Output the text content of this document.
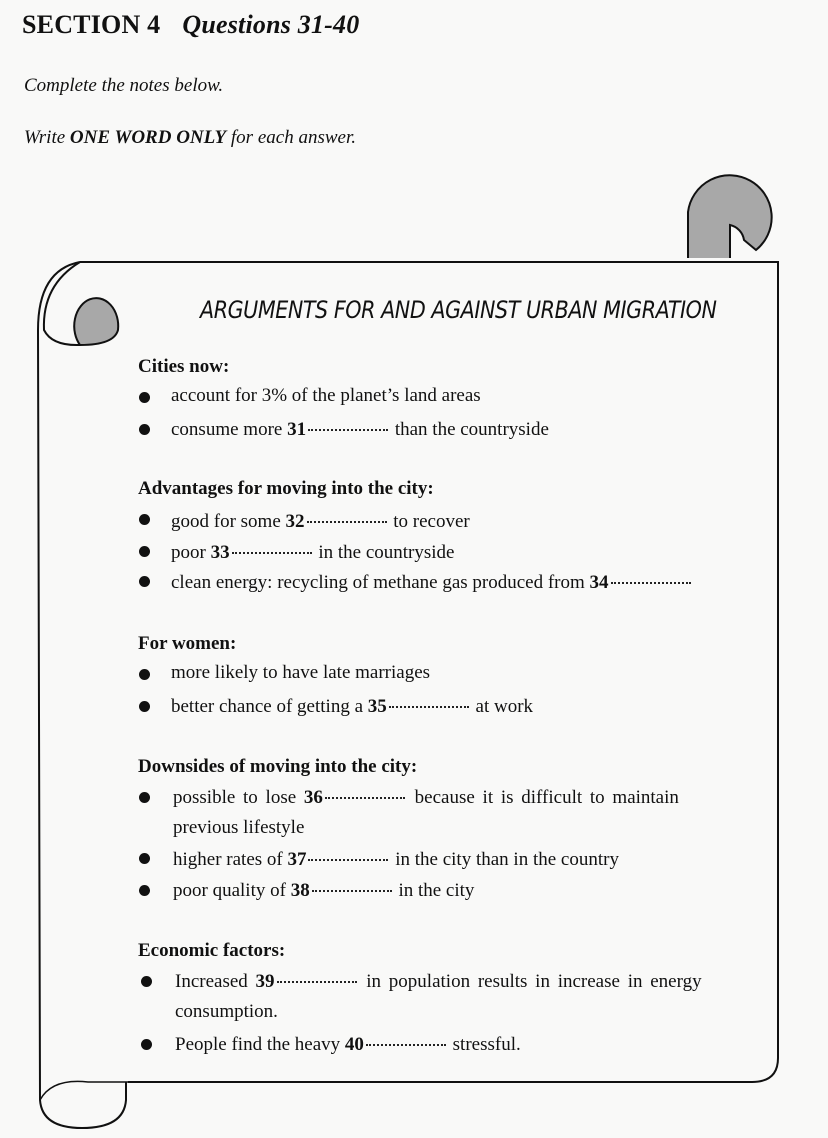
SECTION 4 Questions 31-40
Complete the notes below.
Write ONE WORD ONLY for each answer.
ARGUMENTS FOR AND AGAINST URBAN MIGRATION
Cities now:
account for 3% of the planet’s land areas
consume more 31	than the countryside
Advantages for moving into the city:
good for some 32	to recover
poor 33	in the countryside
clean energy: recycling of methane gas produced from 34
For women:
more likely to have late marriages
better chance of getting a 35	at work
Downsides of moving into the city:
possible to lose 36	because it is difficult to maintain
previous lifestyle
higher rates of 37	in the city than in the country
poor quality of 38	in the city
Economic factors:
Increased 39	in population results in increase in energy
consumption.
People find the heavy 40	stressful.
